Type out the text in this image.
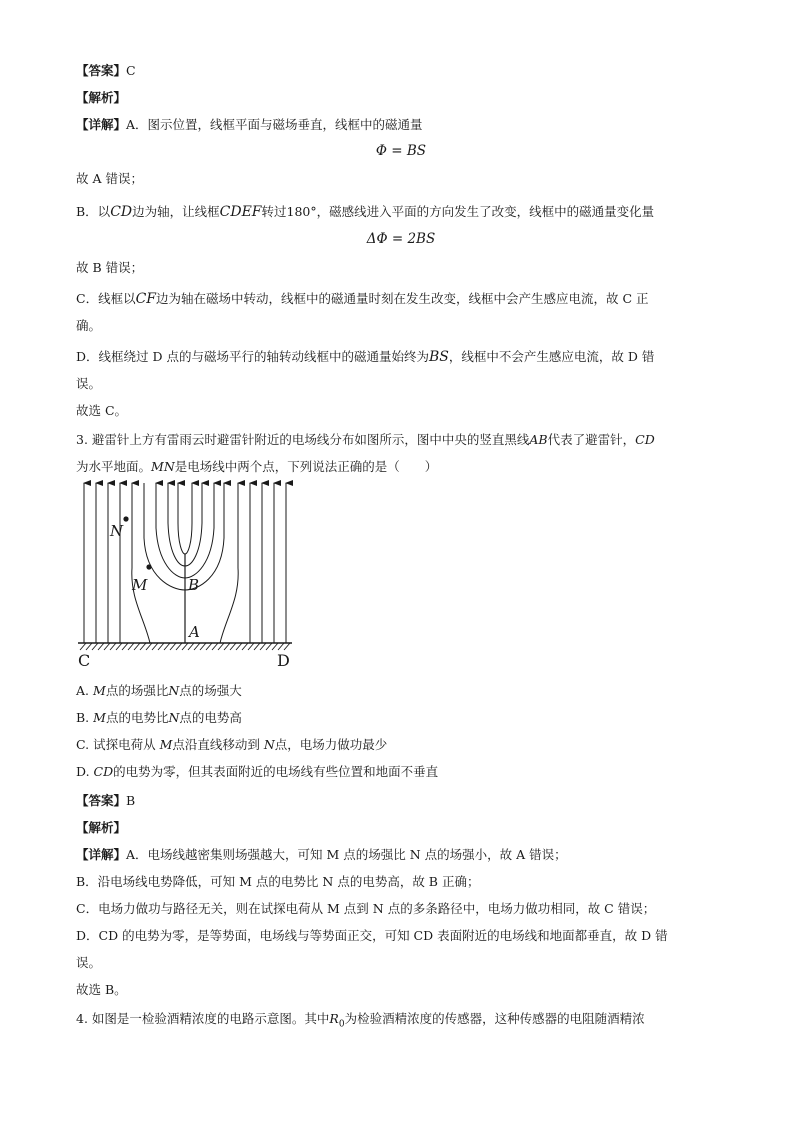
【答案】C
【解析】
【详解】A．图示位置，线框平面与磁场垂直，线框中的磁通量
Φ = BS
故 A 错误；
B．以CD边为轴，让线框CDEF转过180°，磁感线进入平面的方向发生了改变，线框中的磁通量变化量
ΔΦ = 2BS
故 B 错误；
C．线框以CF边为轴在磁场中转动，线框中的磁通量时刻在发生改变，线框中会产生感应电流，故 C 正
确。
D．线框绕过 D 点的与磁场平行的轴转动线框中的磁通量始终为BS，线框中不会产生感应电流，故 D 错
误。
故选 C。
3. 避雷针上方有雷雨云时避雷针附近的电场线分布如图所示，图中中央的竖直黑线AB代表了避雷针，CD
为水平地面。MN是电场线中两个点，下列说法正确的是（　　）
N
M	B
A
C	D
A. M点的场强比N点的场强大
B. M点的电势比N点的电势高
C. 试探电荷从 M点沿直线移动到 N点，电场力做功最少
D. CD的电势为零，但其表面附近的电场线有些位置和地面不垂直
【答案】B
【解析】
【详解】A．电场线越密集则场强越大，可知 M 点的场强比 N 点的场强小，故 A 错误；
B．沿电场线电势降低，可知 M 点的电势比 N 点的电势高，故 B 正确；
C．电场力做功与路径无关，则在试探电荷从 M 点到 N 点的多条路径中，电场力做功相同，故 C 错误；
D．CD 的电势为零，是等势面，电场线与等势面正交，可知 CD 表面附近的电场线和地面都垂直，故 D 错
误。
故选 B。
4. 如图是一检验酒精浓度的电路示意图。其中$R_0$为检验酒精浓度的传感器，这种传感器的电阻随酒精浓
